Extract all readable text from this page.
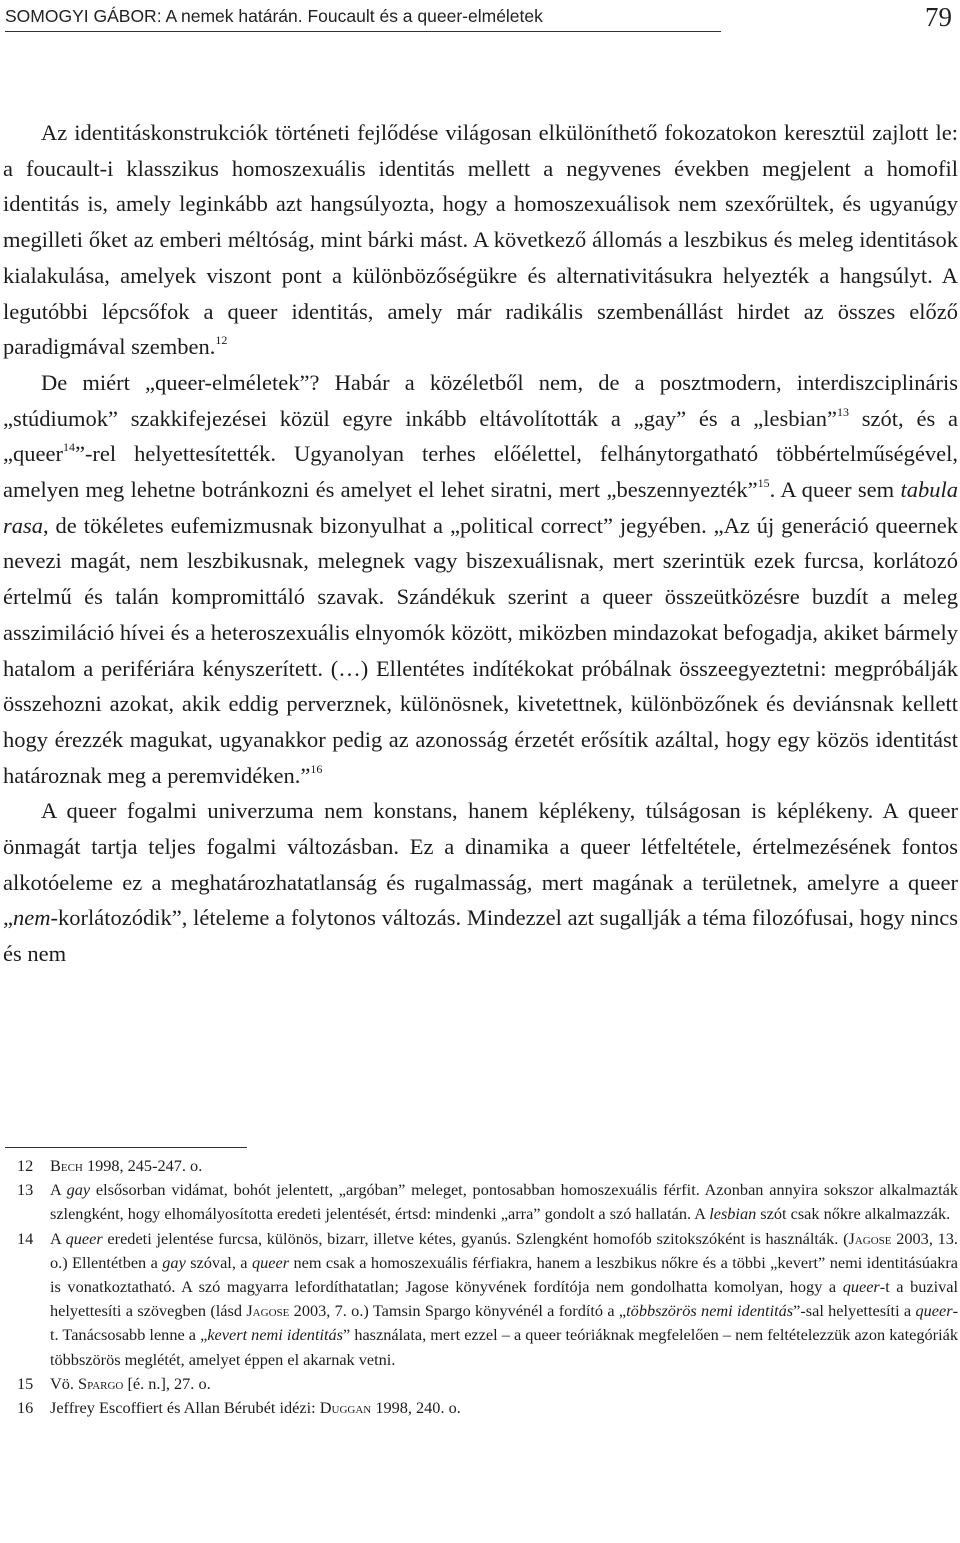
SOMOGYI GÁBOR: A nemek határán. Foucault és a queer-elméletek	79

Az identitáskonstrukciók történeti fejlődése világosan elkülöníthető fokozatokon keresztül zajlott le: a foucault-i klasszikus homoszexuális identitás mellett a negyvenes években megjelent a homofil identitás is, amely leginkább azt hangsúlyozta, hogy a homoszexuálisok nem szexőrültek, és ugyanúgy megilleti őket az emberi méltóság, mint bárki mást. A következő állomás a leszbikus és meleg identitások kialakulása, amelyek viszont pont a különbözőségükre és alternativitásukra helyezték a hangsúlyt. A legutóbbi lépcsőfok a queer identitás, amely már radikális szembenállást hirdet az összes előző paradigmával szemben.$^{12}$

De miért „queer-elméletek”? Habár a közéletből nem, de a posztmodern, interdiszciplináris „stúdiumok” szakkifejezései közül egyre inkább eltávolították a „gay” és a „lesbian”$^{13}$ szót, és a „queer$^{14}$”-rel helyettesítették. Ugyanolyan terhes előélettel, felhánytorgatható többértelműségével, amelyen meg lehetne botránkozni és amelyet el lehet siratni, mert „beszennyezték”$^{15}$. A queer sem tabula rasa, de tökéletes eufemizmusnak bizonyulhat a „political correct” jegyében. „Az új generáció queernek nevezi magát, nem leszbikusnak, melegnek vagy biszexuálisnak, mert szerintük ezek furcsa, korlátozó értelmű és talán kompromittáló szavak. Szándékuk szerint a queer összeütközésre buzdít a meleg asszimiláció hívei és a heteroszexuális elnyomók között, miközben mindazokat befogadja, akiket bármely hatalom a perifériára kényszerített. (…) Ellentétes indítékokat próbálnak összeegyeztetni: megpróbálják összehozni azokat, akik eddig perverznek, különösnek, kivetettnek, különbözőnek és deviánsnak kellett hogy érezzék magukat, ugyanakkor pedig az azonosság érzetét erősítik azáltal, hogy egy közös identitást határoznak meg a peremvidéken.”$^{16}$

A queer fogalmi univerzuma nem konstans, hanem képlékeny, túlságosan is képlékeny. A queer önmagát tartja teljes fogalmi változásban. Ez a dinamika a queer létfeltétele, értelmezésének fontos alkotóeleme ez a meghatározhatatlanság és rugalmasság, mert magának a területnek, amelyre a queer „nem-korlátozódik”, lételeme a folytonos változás. Mindezzel azt sugallják a téma filozófusai, hogy nincs és nem

12	Bech 1998, 245-247. o.

13	A gay elsősorban vidámat, bohót jelentett, „argóban” meleget, pontosabban homoszexuális férfit. Azonban annyira sokszor alkalmazták szlengként, hogy elhomályosította eredeti jelentését, értsd: mindenki „arra” gondolt a szó hallatán. A lesbian szót csak nőkre alkalmazzák.

14	A queer eredeti jelentése furcsa, különös, bizarr, illetve kétes, gyanús. Szlengként homofób szitokszóként is használták. (Jagose 2003, 13. o.) Ellentétben a gay szóval, a queer nem csak a homoszexuális férfiakra, hanem a leszbikus nőkre és a többi „kevert” nemi identitásúakra is vonatkoztatható. A szó magyarra lefordíthatatlan; Jagose könyvének fordítója nem gondolhatta komolyan, hogy a queer-t a buzival helyettesíti a szövegben (lásd Jagose 2003, 7. o.) Tamsin Spargo könyvénél a fordító a „többszörös nemi identitás”-sal helyettesíti a queer-t. Tanácsosabb lenne a „kevert nemi identitás” használata, mert ezzel – a queer teóriáknak megfelelően – nem feltételezzük azon kategóriák többszörös meglétét, amelyet éppen el akarnak vetni.

15	Vö. Spargo [é. n.], 27. o.

16	Jeffrey Escoffiert és Allan Bérubét idézi: Duggan 1998, 240. o.
